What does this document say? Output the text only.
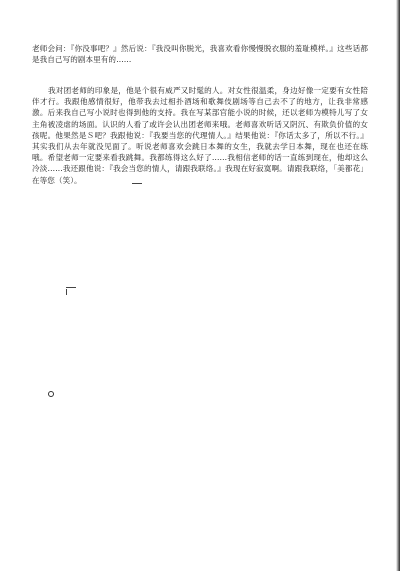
老师会问：『你没事吧？』然后说：『我没叫你脱光，我喜欢看你慢慢脱衣服的羞耻模样。』这些话都是我自己写的剧本里有的……

我对团老师的印象是，他是个很有威严又时髦的人。对女性很温柔，身边好像一定要有女性陪伴才行。我跟他感情很好，他带我去过相扑酒场和歌舞伎剧场等自己去不了的地方，让我非常感激。后来我自己写小说时也得到他的支持。我在写某部官能小说的时候，还以老师为模特儿写了女主角被凌虐的场面。认识的人看了或许会认出团老师来哦。老师喜欢听话又阴沉、有欺负价值的女孩呢。他果然是Ｓ吧？我跟他说：『我要当您的代理情人。』结果他说：『你话太多了，所以不行。』其实我们从去年就没见面了。听说老师喜欢会跳日本舞的女生，我就去学日本舞，现在也还在练哦。希望老师一定要来看我跳舞。我都练得这么好了……我相信老师的话一直练到现在，他却这么冷淡……我还跟他说：『我会当您的情人，请跟我联络。』我现在好寂寞啊。请跟我联络，「美都花」在等您（笑）。
